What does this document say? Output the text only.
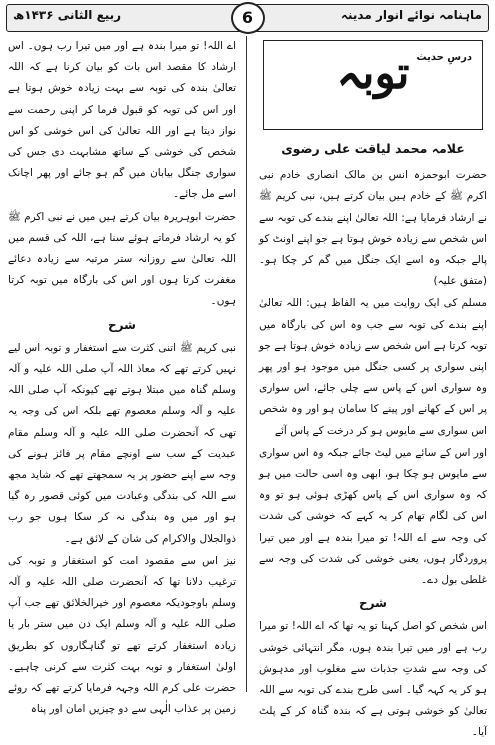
ماہنامہ نوائے انوار مدینہ
6
ربیع الثانی ۱۴۳۶ھ
درسِ حدیث
توبہ
علامہ محمد لیاقت علی رضوی

حضرت ابوحمزہ انس بن مالک انصاری خادم نبی اکرم ﷺ کے خادم ہیں بیان کرتے ہیں، نبی کریم ﷺ نے ارشاد فرمایا ہے: اللہ تعالیٰ اپنے بندے کی توبہ سے اس شخص سے زیادہ خوش ہوتا ہے جو اپنے اونٹ کو پالے جبکہ وہ اسے ایک جنگل میں گم کر چکا ہو۔ (متفق علیہ)

مسلم کی ایک روایت میں یہ الفاظ ہیں: اللہ تعالیٰ اپنے بندے کی توبہ سے جب وہ اس کی بارگاہ میں توبہ کرتا ہے اس شخص سے زیادہ خوش ہوتا ہے جو اپنی سواری پر کسی جنگل میں موجود ہو اور پھر وہ سواری اس کے پاس سے چلی جائے، اس سواری پر اس کے کھانے اور پینے کا سامان ہو اور وہ شخص اس سواری سے مایوس ہو کر درخت کے پاس آئے

اور اس کے سائے میں لیٹ جائے جبکہ وہ اس سواری سے مایوس ہو چکا ہو، ابھی وہ اسی حالت میں ہو کہ وہ سواری اس کے پاس کھڑی ہوئی ہو تو وہ اس کی لگام تھام کر یہ کہے کہ خوشی کی شدت کی وجہ سے اے اللہ! تو میرا بندہ ہے اور میں تیرا پروردگار ہوں، یعنی خوشی کی شدت کی وجہ سے غلطی بول دے۔

شرح

اس شخص کو اصل کہنا تو یہ تھا کہ اے اللہ! تو میرا رب ہے اور میں تیرا بندہ ہوں، مگر انتہائی خوشی کی وجہ سے شدتِ جذبات سے مغلوب اور مدہوش ہو کر یہ کہہ گیا۔ اسی طرح بندے کی توبہ سے اللہ تعالیٰ کو خوشی ہوتی ہے کہ بندہ گناہ کر کے پلٹ آیا۔

اے اللہ! تو میرا بندہ ہے اور میں تیرا رب ہوں۔ اس ارشاد کا مقصد اس بات کو بیان کرنا ہے کہ اللہ تعالیٰ بندہ کی توبہ سے بہت زیادہ خوش ہوتا ہے اور اس کی توبہ کو قبول فرما کر اپنی رحمت سے نواز دیتا ہے اور اللہ تعالیٰ کی اس خوشی کو اس شخص کی خوشی کے ساتھ مشابہت دی جس کی سواری جنگل بیابان میں گم ہو جائے اور پھر اچانک اسے مل جائے۔

حضرت ابوہریرہ بیان کرتے ہیں میں نے نبی اکرم ﷺ کو یہ ارشاد فرماتے ہوئے سنا ہے، اللہ کی قسم میں اللہ تعالیٰ سے روزانہ ستر مرتبہ سے زیادہ دعائے مغفرت کرتا ہوں اور اس کی بارگاہ میں توبہ کرتا ہوں۔

شرح

نبی کریم ﷺ اتنی کثرت سے استغفار و توبہ اس لیے نہیں کرتے تھے کہ معاذ اللہ آپ صلی اللہ علیہ و آلہ وسلم گناہ میں مبتلا ہوتے تھے کیونکہ آپ صلی اللہ علیہ و آلہ وسلم معصوم تھے بلکہ اس کی وجہ یہ تھی کہ آنحضرت صلی اللہ علیہ و آلہ وسلم مقام عبدیت کے سب سے اونچے مقام پر فائز ہونے کی وجہ سے اپنے حضور پر یہ سمجھتے تھے کہ شاید مجھ سے اللہ کی بندگی وعبادت میں کوئی قصور رہ گیا ہو اور میں وہ بندگی نہ کر سکا ہوں جو رب ذوالجلال والاکرام کی شان کے لائق ہے۔

نیز اس سے مقصود امت کو استغفار و توبہ کی ترغیب دلانا تھا کہ آنحضرت صلی اللہ علیہ و آلہ وسلم باوجودیکہ معصوم اور خیرالخلائق تھے جب آپ صلی اللہ علیہ و آلہ وسلم ایک دن میں ستر بار یا زیادہ استغفار کرتے تھے تو گناہگاروں کو بطریق اولیٰ استغفار و توبہ بہت کثرت سے کرنی چاہیے۔ حضرت علی کرم اللہ وجہہ فرمایا کرتے تھے کہ روئے زمین پر عذاب الٰہی سے دو چیزیں امان اور پناہ
